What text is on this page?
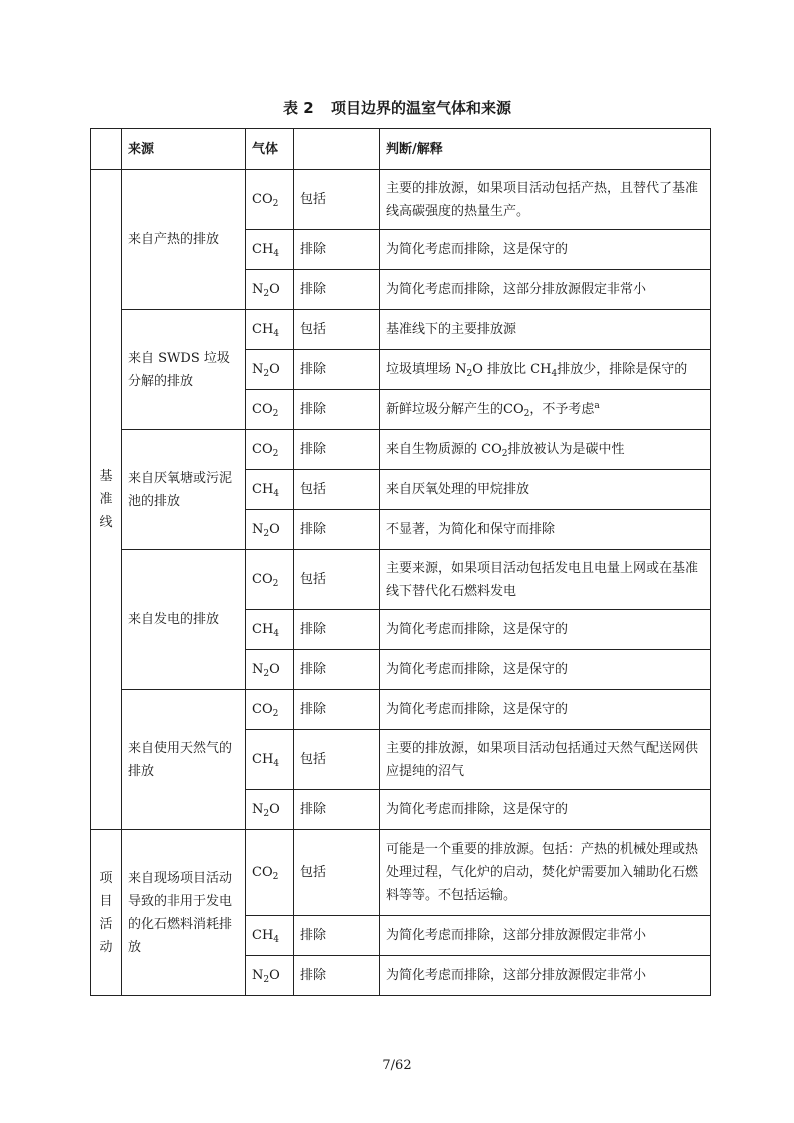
表 2 项目边界的温室气体和来源
	来源	气体		判断/解释

基
准
线	来自产热的排放	$CO_2$	包括	主要的排放源，如果项目活动包括产热，且替代了基准线高碳强度的热量生产。
		$CH_4$	排除	为简化考虑而排除，这是保守的
		$N_2O$	排除	为简化考虑而排除，这部分排放源假定非常小
	来自 SWDS 垃圾分解的排放	$CH_4$	包括	基准线下的主要排放源
		$N_2O$	排除	垃圾填埋场 $N_2O$ 排放比 $CH_4$排放少，排除是保守的
		$CO_2$	排除	新鲜垃圾分解产生的$CO_2$，不予考虑$^a$
	来自厌氧塘或污泥池的排放	$CO_2$	排除	来自生物质源的 $CO_2$排放被认为是碳中性
		$CH_4$	包括	来自厌氧处理的甲烷排放
		$N_2O$	排除	不显著，为简化和保守而排除
	来自发电的排放	$CO_2$	包括	主要来源，如果项目活动包括发电且电量上网或在基准线下替代化石燃料发电
		$CH_4$	排除	为简化考虑而排除，这是保守的
		$N_2O$	排除	为简化考虑而排除，这是保守的
	来自使用天然气的排放	$CO_2$	排除	为简化考虑而排除，这是保守的
		$CH_4$	包括	主要的排放源，如果项目活动包括通过天然气配送网供应提纯的沼气
		$N_2O$	排除	为简化考虑而排除，这是保守的

项
目
活
动	来自现场项目活动导致的非用于发电的化石燃料消耗排放	$CO_2$	包括	可能是一个重要的排放源。包括：产热的机械处理或热处理过程，气化炉的启动，焚化炉需要加入辅助化石燃料等等。不包括运输。
		$CH_4$	排除	为简化考虑而排除，这部分排放源假定非常小
		$N_2O$	排除	为简化考虑而排除，这部分排放源假定非常小
7/62
